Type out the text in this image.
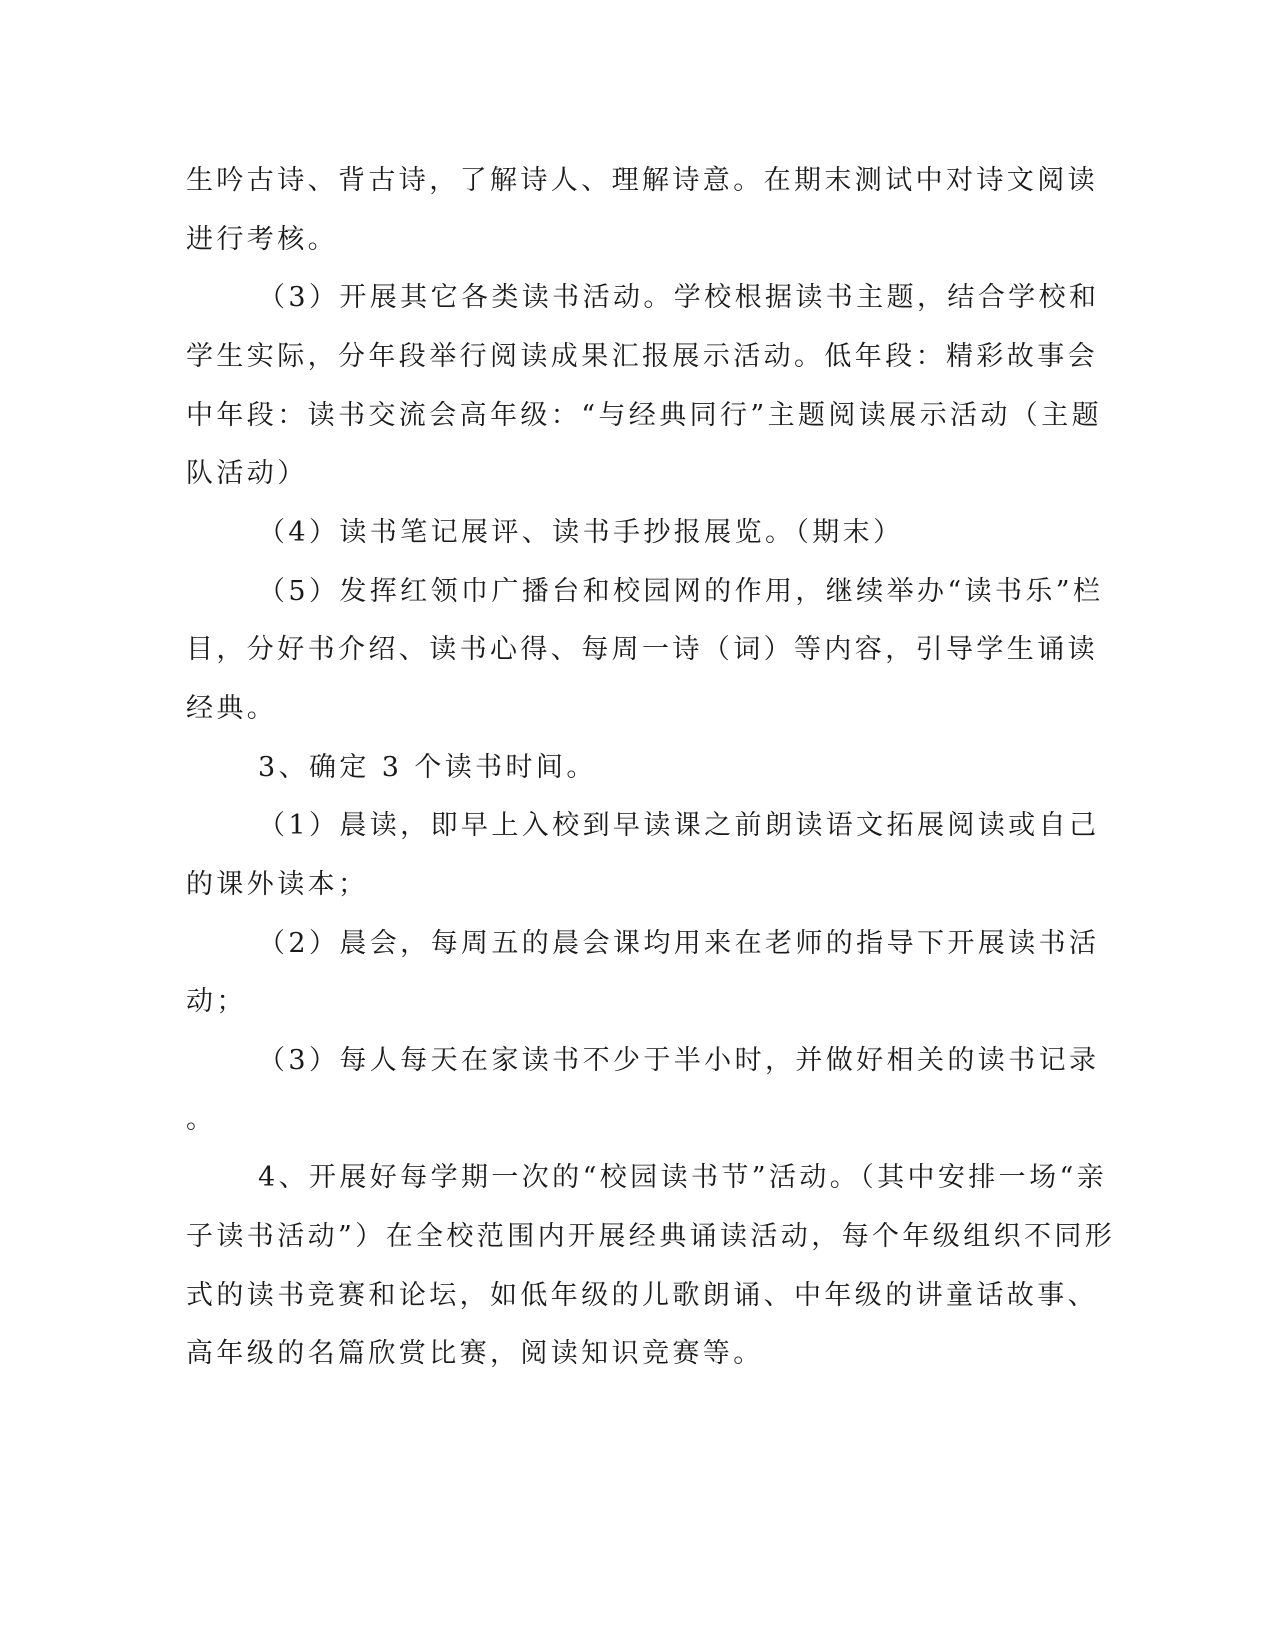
生吟古诗、背古诗，了解诗人、理解诗意。在期末测试中对诗文阅读

进行考核。

（3）开展其它各类读书活动。学校根据读书主题，结合学校和

学生实际，分年段举行阅读成果汇报展示活动。低年段：精彩故事会

中年段：读书交流会高年级：“与经典同行”主题阅读展示活动（主题

队活动）

（4）读书笔记展评、读书手抄报展览。（期末）

（5）发挥红领巾广播台和校园网的作用，继续举办“读书乐”栏

目，分好书介绍、读书心得、每周一诗（词）等内容，引导学生诵读

经典。

3、确定 3 个读书时间。

（1）晨读，即早上入校到早读课之前朗读语文拓展阅读或自己

的课外读本；

（2）晨会，每周五的晨会课均用来在老师的指导下开展读书活

动；

（3）每人每天在家读书不少于半小时，并做好相关的读书记录

。

4、开展好每学期一次的“校园读书节”活动。（其中安排一场“亲

子读书活动”）在全校范围内开展经典诵读活动，每个年级组织不同形

式的读书竞赛和论坛，如低年级的儿歌朗诵、中年级的讲童话故事、

高年级的名篇欣赏比赛，阅读知识竞赛等。
